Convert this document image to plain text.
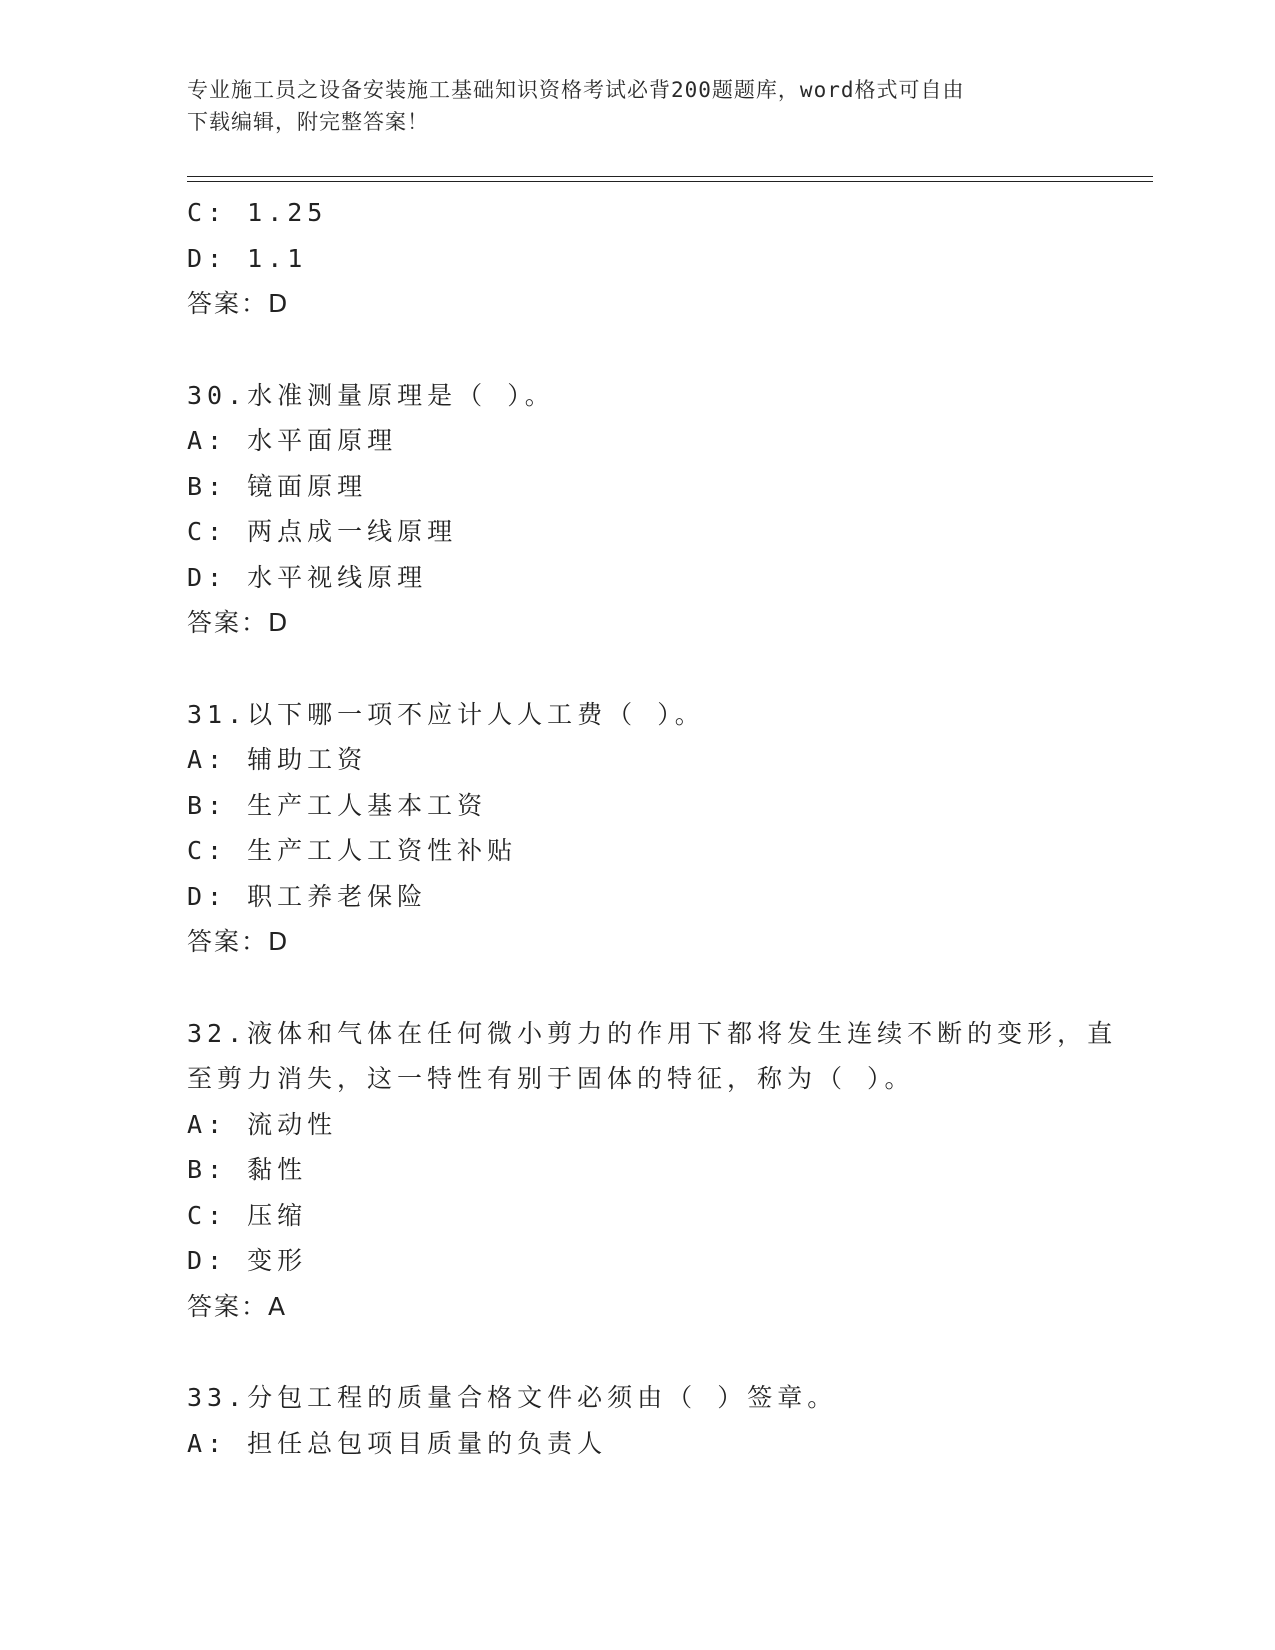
专业施工员之设备安装施工基础知识资格考试必背200题题库，word格式可自由
下载编辑，附完整答案！
C: 1.25
D: 1.1
答案：D
30.水准测量原理是（ ）。
A: 水平面原理
B: 镜面原理
C: 两点成一线原理
D: 水平视线原理
答案：D
31.以下哪一项不应计人人工费（ ）。
A: 辅助工资
B: 生产工人基本工资
C: 生产工人工资性补贴
D: 职工养老保险
答案：D
32.液体和气体在任何微小剪力的作用下都将发生连续不断的变形，直
至剪力消失，这一特性有别于固体的特征，称为（ ）。
A: 流动性
B: 黏性
C: 压缩
D: 变形
答案：A
33.分包工程的质量合格文件必须由（ ）签章。
A: 担任总包项目质量的负责人
